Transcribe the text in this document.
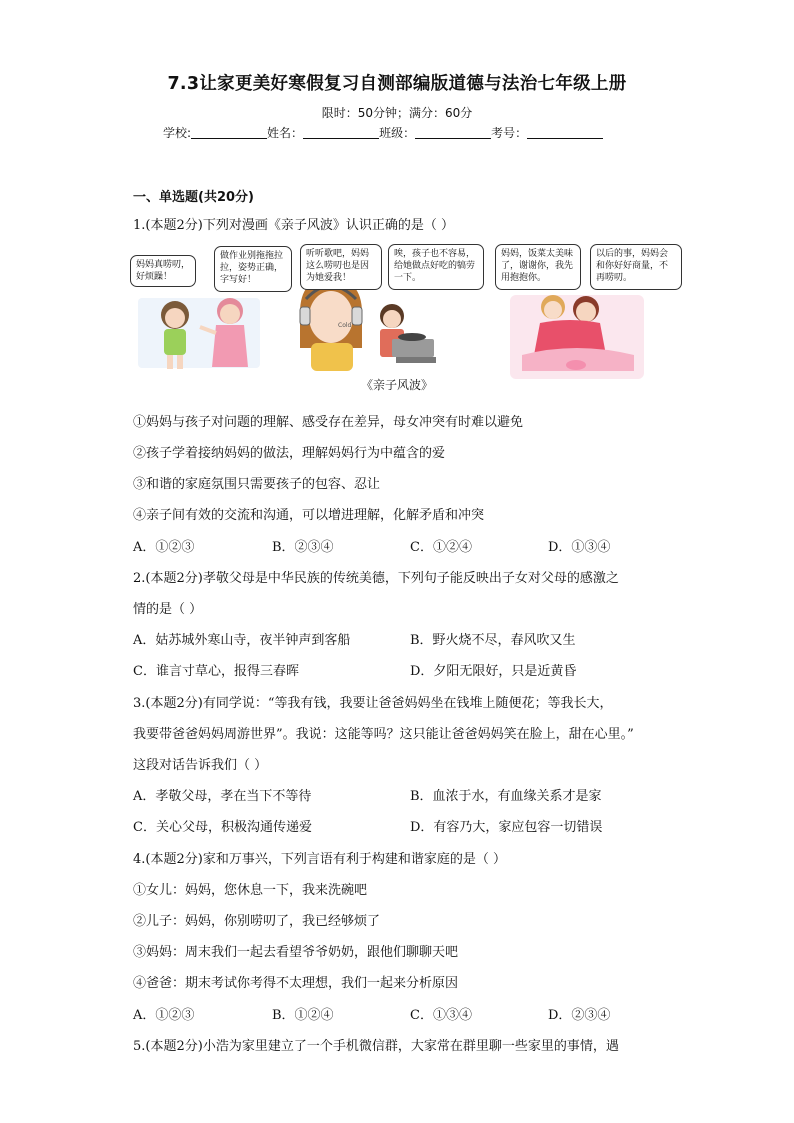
7.3让家更美好寒假复习自测部编版道德与法治七年级上册
限时：50分钟；满分：60分
学校:	姓名：	班级：	考号：
一、单选题(共20分)
1.(本题2分)下列对漫画《亲子风波》认识正确的是（ ）
Cold
妈妈真唠叨，好烦躁！
做作业别拖拖拉拉，姿势正确，字写好！
听听歌吧，妈妈这么唠叨也是因为她爱我！
唉，孩子也不容易，给她做点好吃的犒劳一下。
妈妈，饭菜太美味了，谢谢你，我先用抱抱你。
以后的事，妈妈会和你好好商量，不再唠叨。
《亲子风波》
①妈妈与孩子对问题的理解、感受存在差异，母女冲突有时难以避免
②孩子学着接纳妈妈的做法，理解妈妈行为中蕴含的爱
③和谐的家庭氛围只需要孩子的包容、忍让
④亲子间有效的交流和沟通，可以增进理解，化解矛盾和冲突
A．①②③	B．②③④	C．①②④	D．①③④
2.(本题2分)孝敬父母是中华民族的传统美德，下列句子能反映出子女对父母的感激之
情的是（ ）
A．姑苏城外寒山寺，夜半钟声到客船	B．野火烧不尽，春风吹又生
C．谁言寸草心，报得三春晖	D．夕阳无限好，只是近黄昏
3.(本题2分)有同学说：“等我有钱，我要让爸爸妈妈坐在钱堆上随便花；等我长大，
我要带爸爸妈妈周游世界”。我说：这能等吗？这只能让爸爸妈妈笑在脸上，甜在心里。”
这段对话告诉我们（ ）
A．孝敬父母，孝在当下不等待	B．血浓于水，有血缘关系才是家
C．关心父母，积极沟通传递爱	D．有容乃大，家应包容一切错误
4.(本题2分)家和万事兴，下列言语有利于构建和谐家庭的是（ ）
①女儿：妈妈，您休息一下，我来洗碗吧
②儿子：妈妈，你别唠叨了，我已经够烦了
③妈妈：周末我们一起去看望爷爷奶奶，跟他们聊聊天吧
④爸爸：期末考试你考得不太理想，我们一起来分析原因
A．①②③	B．①②④	C．①③④	D．②③④
5.(本题2分)小浩为家里建立了一个手机微信群，大家常在群里聊一些家里的事情，遇
